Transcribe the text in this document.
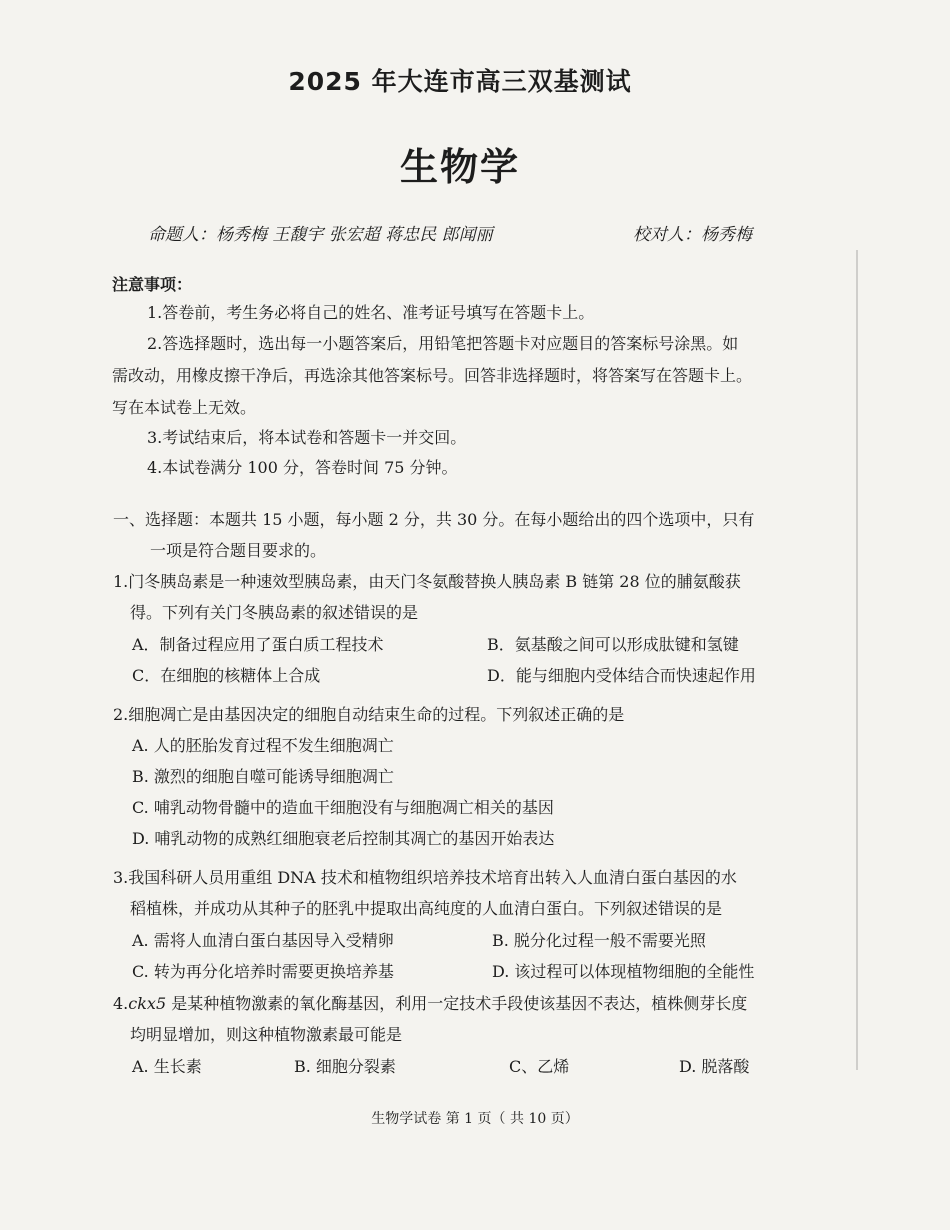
2025 年大连市高三双基测试
生物学
命题人：杨秀梅 王馥宇 张宏超 蒋忠民 郎闻丽	校对人：杨秀梅
注意事项：
1.答卷前，考生务必将自己的姓名、准考证号填写在答题卡上。
2.答选择题时，选出每一小题答案后，用铅笔把答题卡对应题目的答案标号涂黑。如
需改动，用橡皮擦干净后，再选涂其他答案标号。回答非选择题时，将答案写在答题卡上。
写在本试卷上无效。
3.考试结束后，将本试卷和答题卡一并交回。
4.本试卷满分 100 分，答卷时间 75 分钟。
一、选择题：本题共 15 小题，每小题 2 分，共 30 分。在每小题给出的四个选项中，只有
一项是符合题目要求的。
1.门冬胰岛素是一种速效型胰岛素，由天门冬氨酸替换人胰岛素 B 链第 28 位的脯氨酸获
得。下列有关门冬胰岛素的叙述错误的是
A．制备过程应用了蛋白质工程技术	B．氨基酸之间可以形成肽键和氢键
C．在细胞的核糖体上合成	D．能与细胞内受体结合而快速起作用
2.细胞凋亡是由基因决定的细胞自动结束生命的过程。下列叙述正确的是
A. 人的胚胎发育过程不发生细胞凋亡
B. 激烈的细胞自噬可能诱导细胞凋亡
C. 哺乳动物骨髓中的造血干细胞没有与细胞凋亡相关的基因
D. 哺乳动物的成熟红细胞衰老后控制其凋亡的基因开始表达
3.我国科研人员用重组 DNA 技术和植物组织培养技术培育出转入人血清白蛋白基因的水
稻植株，并成功从其种子的胚乳中提取出高纯度的人血清白蛋白。下列叙述错误的是
A. 需将人血清白蛋白基因导入受精卵	B. 脱分化过程一般不需要光照
C. 转为再分化培养时需要更换培养基	D. 该过程可以体现植物细胞的全能性
4.ckx5 是某种植物激素的氧化酶基因，利用一定技术手段使该基因不表达，植株侧芽长度
均明显增加，则这种植物激素最可能是
A. 生长素	B. 细胞分裂素	C、乙烯	D. 脱落酸
生物学试卷 第 1 页（ 共 10 页）
